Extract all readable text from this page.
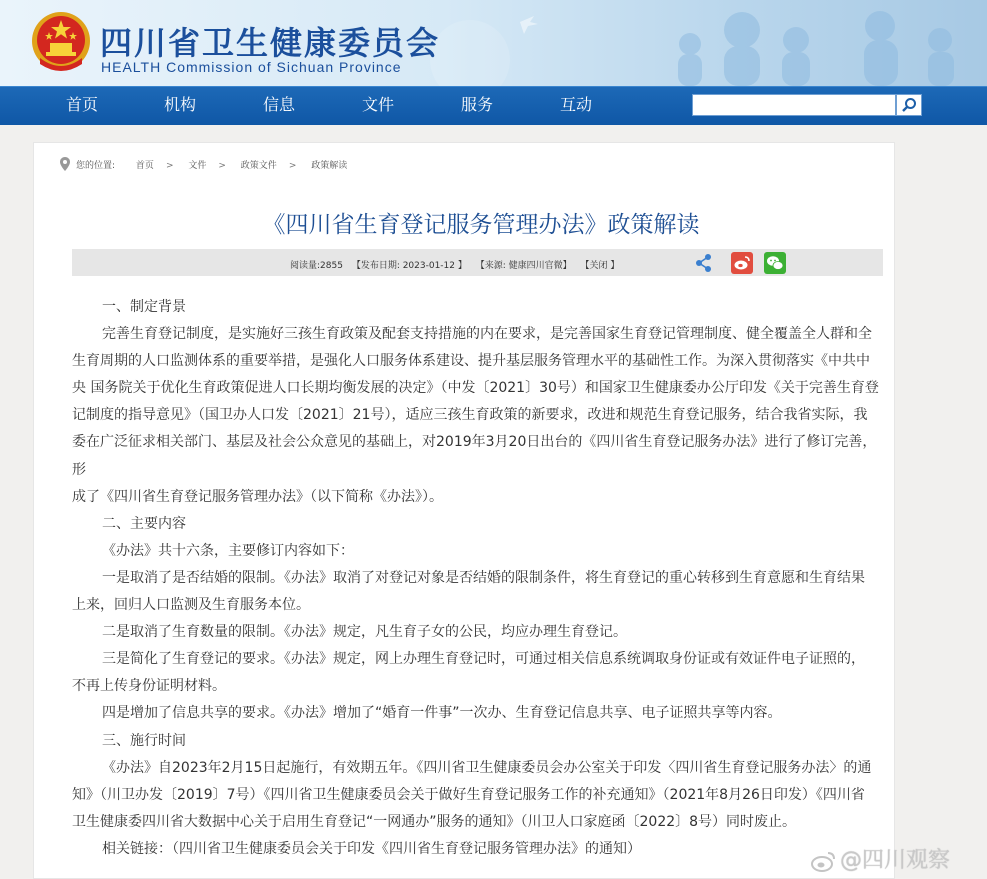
四川省卫生健康委员会
HEALTH Commission of Sichuan Province
首页	机构	信息	文件	服务	互动
您的位置: 首页 > 文件 > 政策文件 > 政策解读
《四川省生育登记服务管理办法》政策解读
阅读量:2855 【发布日期: 2023-01-12 】 【来源: 健康四川官微】 【关闭 】

一、制定背景

完善生育登记制度，是实施好三孩生育政策及配套支持措施的内在要求，是完善国家生育登记管理制度、健全覆盖全人群和全

生育周期的人口监测体系的重要举措，是强化人口服务体系建设、提升基层服务管理水平的基础性工作。为深入贯彻落实《中共中

央 国务院关于优化生育政策促进人口长期均衡发展的决定》（中发〔2021〕30号）和国家卫生健康委办公厅印发《关于完善生育登

记制度的指导意见》（国卫办人口发〔2021〕21号），适应三孩生育政策的新要求，改进和规范生育登记服务，结合我省实际，我

委在广泛征求相关部门、基层及社会公众意见的基础上，对2019年3月20日出台的《四川省生育登记服务办法》进行了修订完善，形

成了《四川省生育登记服务管理办法》（以下简称《办法》）。

二、主要内容

《办法》共十六条，主要修订内容如下：

一是取消了是否结婚的限制。《办法》取消了对登记对象是否结婚的限制条件，将生育登记的重心转移到生育意愿和生育结果

上来，回归人口监测及生育服务本位。

二是取消了生育数量的限制。《办法》规定，凡生育子女的公民，均应办理生育登记。

三是简化了生育登记的要求。《办法》规定，网上办理生育登记时，可通过相关信息系统调取身份证或有效证件电子证照的，

不再上传身份证明材料。

四是增加了信息共享的要求。《办法》增加了“婚育一件事”一次办、生育登记信息共享、电子证照共享等内容。

三、施行时间

《办法》自2023年2月15日起施行，有效期五年。《四川省卫生健康委员会办公室关于印发〈四川省生育登记服务办法〉的通

知》（川卫办发〔2019〕7号）《四川省卫生健康委员会关于做好生育登记服务工作的补充通知》（2021年8月26日印发）《四川省

卫生健康委四川省大数据中心关于启用生育登记“一网通办”服务的通知》（川卫人口家庭函〔2022〕8号）同时废止。

相关链接：（四川省卫生健康委员会关于印发《四川省生育登记服务管理办法》的通知）	@四川观察
